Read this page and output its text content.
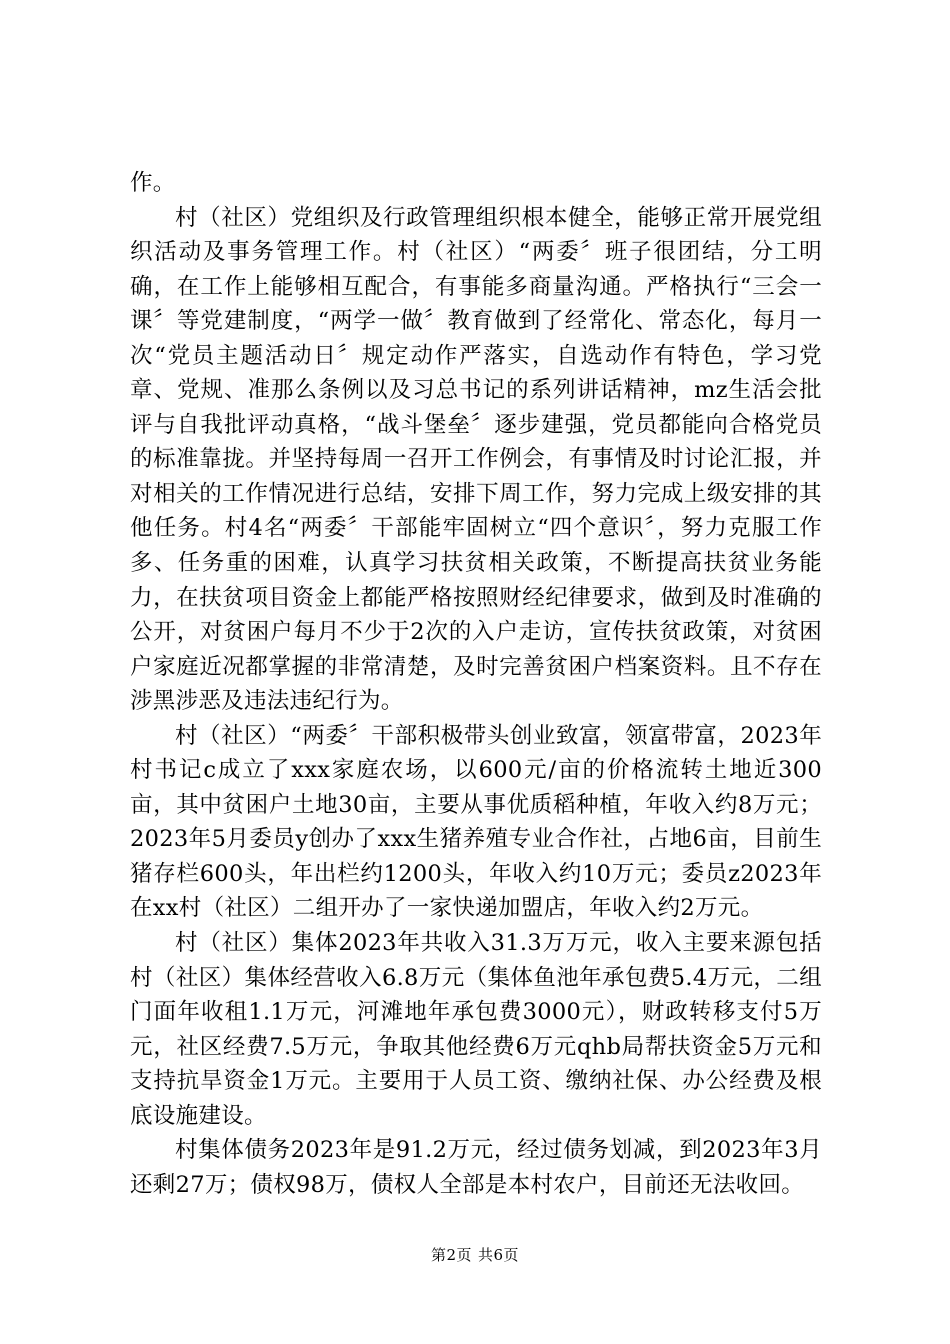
作。

村（社区）党组织及行政管理组织根本健全，能够正常开展党组织活动及事务管理工作。村（社区）“两委〞班子很团结，分工明确，在工作上能够相互配合，有事能多商量沟通。严格执行“三会一课〞等党建制度，“两学一做〞教育做到了经常化、常态化，每月一次“党员主题活动日〞规定动作严落实，自选动作有特色，学习党章、党规、准那么条例以及习总书记的系列讲话精神，mz生活会批评与自我批评动真格，“战斗堡垒〞逐步建强，党员都能向合格党员的标准靠拢。并坚持每周一召开工作例会，有事情及时讨论汇报，并对相关的工作情况进行总结，安排下周工作，努力完成上级安排的其他任务。村4名“两委〞干部能牢固树立“四个意识〞，努力克服工作多、任务重的困难，认真学习扶贫相关政策，不断提高扶贫业务能力，在扶贫项目资金上都能严格按照财经纪律要求，做到及时准确的公开，对贫困户每月不少于2次的入户走访，宣传扶贫政策，对贫困户家庭近况都掌握的非常清楚，及时完善贫困户档案资料。且不存在涉黑涉恶及违法违纪行为。

村（社区）“两委〞干部积极带头创业致富，领富带富，2023年村书记c成立了xxx家庭农场，以600元/亩的价格流转土地近300亩，其中贫困户土地30亩，主要从事优质稻种植，年收入约8万元；2023年5月委员y创办了xxx生猪养殖专业合作社，占地6亩，目前生猪存栏600头，年出栏约1200头，年收入约10万元；委员z2023年在xx村（社区）二组开办了一家快递加盟店，年收入约2万元。

村（社区）集体2023年共收入31.3万万元，收入主要来源包括村（社区）集体经营收入6.8万元（集体鱼池年承包费5.4万元，二组门面年收租1.1万元，河滩地年承包费3000元），财政转移支付5万元，社区经费7.5万元，争取其他经费6万元qhb局帮扶资金5万元和支持抗旱资金1万元。主要用于人员工资、缴纳社保、办公经费及根底设施建设。

村集体债务2023年是91.2万元，经过债务划减，到2023年3月还剩27万；债权98万，债权人全部是本村农户，目前还无法收回。

第2页 共6页
